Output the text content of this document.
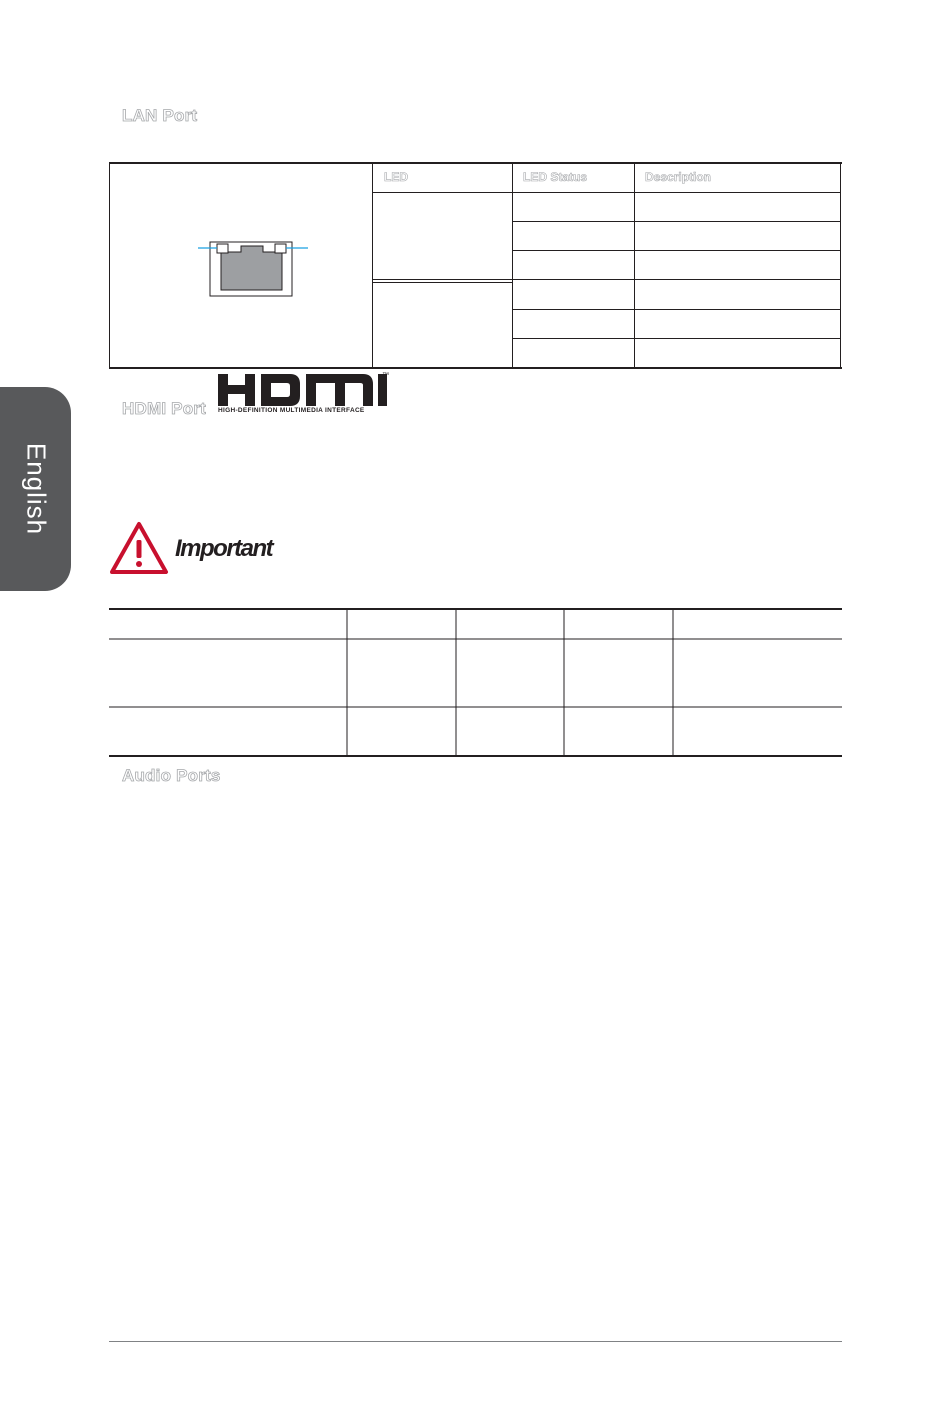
English
LAN Port
LED	LED Status	Description
HDMI Port
™
HIGH-DEFINITION MULTIMEDIA INTERFACE
Important
Audio Ports
